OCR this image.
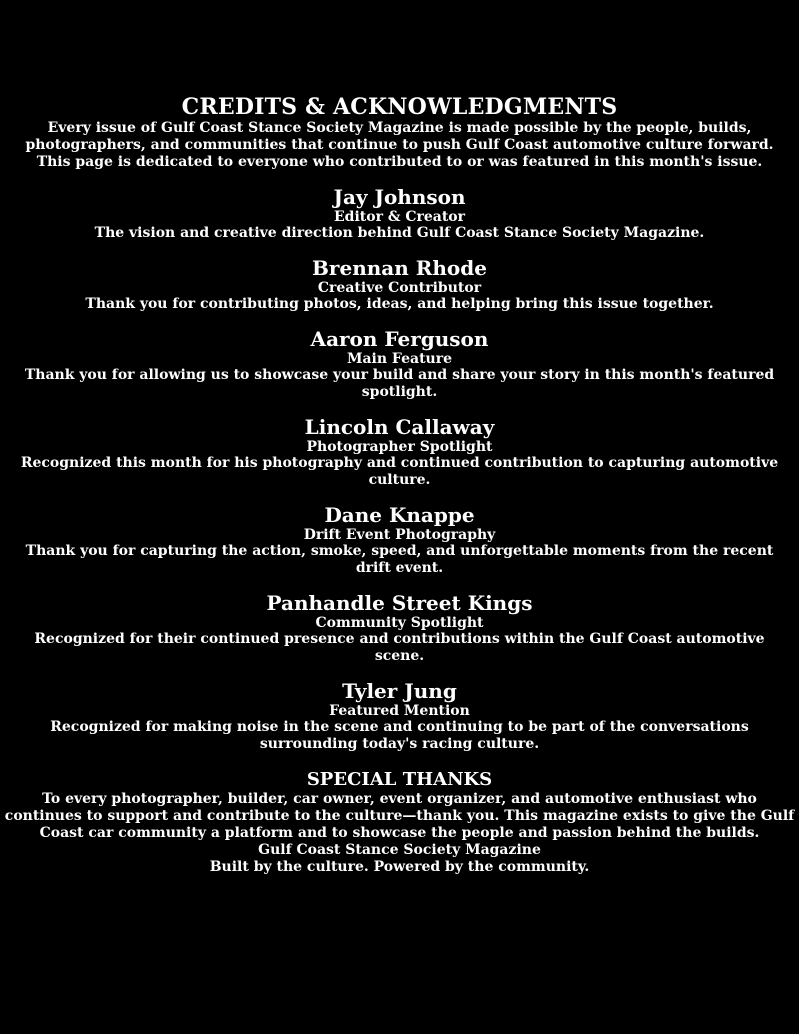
CREDITS & ACKNOWLEDGMENTS

Every issue of Gulf Coast Stance Society Magazine is made possible by the people, builds, photographers, and communities that continue to push Gulf Coast automotive culture forward. This page is dedicated to everyone who contributed to or was featured in this month's issue.

Jay Johnson

Editor & Creator

The vision and creative direction behind Gulf Coast Stance Society Magazine.

Brennan Rhode

Creative Contributor

Thank you for contributing photos, ideas, and helping bring this issue together.

Aaron Ferguson

Main Feature

Thank you for allowing us to showcase your build and share your story in this month's featured spotlight.

Lincoln Callaway

Photographer Spotlight

Recognized this month for his photography and continued contribution to capturing automotive culture.

Dane Knappe

Drift Event Photography

Thank you for capturing the action, smoke, speed, and unforgettable moments from the recent drift event.

Panhandle Street Kings

Community Spotlight

Recognized for their continued presence and contributions within the Gulf Coast automotive scene.

Tyler Jung

Featured Mention

Recognized for making noise in the scene and continuing to be part of the conversations surrounding today's racing culture.

SPECIAL THANKS

To every photographer, builder, car owner, event organizer, and automotive enthusiast who continues to support and contribute to the culture—thank you. This magazine exists to give the Gulf Coast car community a platform and to showcase the people and passion behind the builds.

Gulf Coast Stance Society Magazine

Built by the culture. Powered by the community.
